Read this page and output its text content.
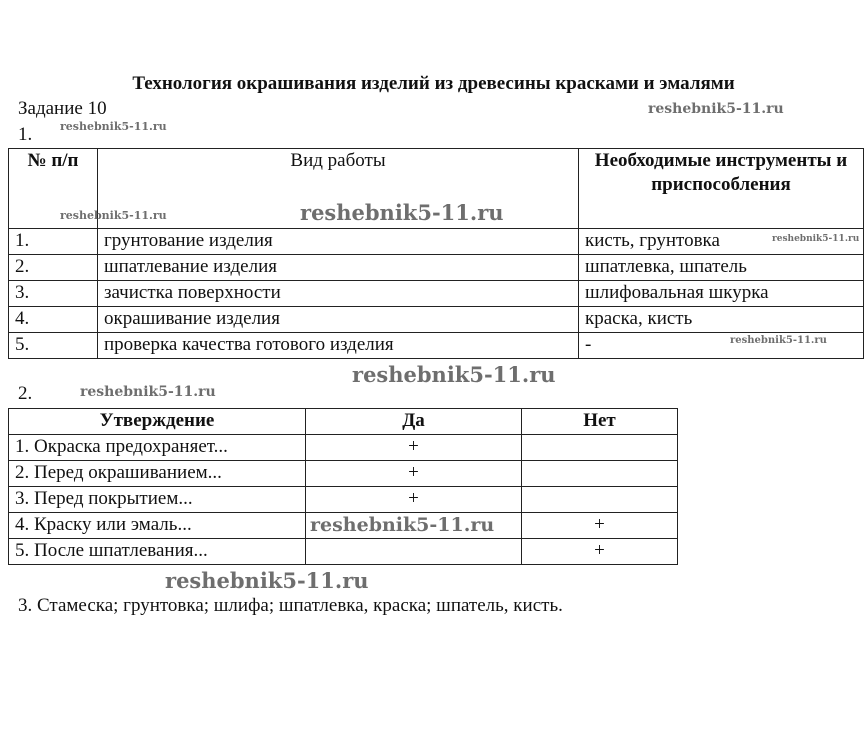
Технология окрашивания изделий из древесины красками и эмалями
Задание 10
1.
№ п/п	Вид работы	Необходимые инструменты и приспособления
1.	грунтование изделия	кисть, грунтовка
2.	шпатлевание изделия	шпатлевка, шпатель
3.	зачистка поверхности	шлифовальная шкурка
4.	окрашивание изделия	краска, кисть
5.	проверка качества готового изделия	-
2.
Утверждение	Да	Нет
1. Окраска предохраняет...	+	
2. Перед окрашиванием...	+	
3. Перед покрытием...	+	
4. Краску или эмаль...		+
5. После шпатлевания...		+
3. Стамеска; грунтовка; шлифа; шпатлевка, краска; шпатель, кисть.
reshebnik5-11.ru
reshebnik5-11.ru
reshebnik5-11.ru	reshebnik5-11.ru
reshebnik5-11.ru
reshebnik5-11.ru
reshebnik5-11.ru
reshebnik5-11.ru
reshebnik5-11.ru
reshebnik5-11.ru
